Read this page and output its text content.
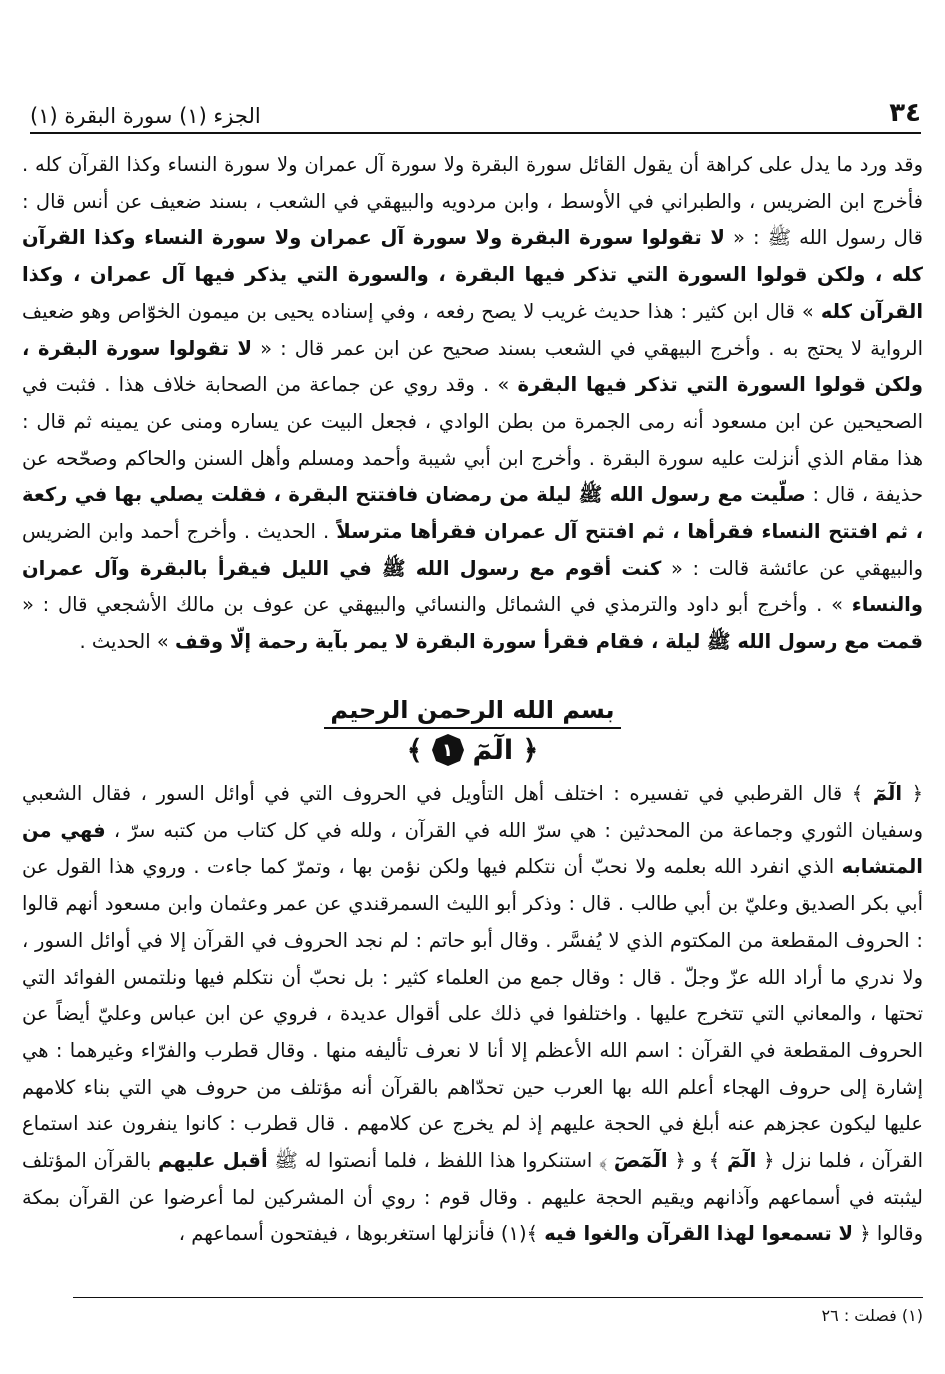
٣٤
الجزء (١) سورة البقرة (١)

وقد ورد ما يدل على كراهة أن يقول القائل سورة البقرة ولا سورة آل عمران ولا سورة النساء وكذا القرآن كله . فأخرج ابن الضريس ، والطبراني في الأوسط ، وابن مردويه والبيهقي في الشعب ، بسند ضعيف عن أنس قال : قال رسول الله ﷺ : « لا تقولوا سورة البقرة ولا سورة آل عمران ولا سورة النساء وكذا القرآن كله ، ولكن قولوا السورة التي تذكر فيها البقرة ، والسورة التي يذكر فيها آل عمران ، وكذا القرآن كله » قال ابن كثير : هذا حديث غريب لا يصح رفعه ، وفي إسناده يحيى بن ميمون الخوّاص وهو ضعيف الرواية لا يحتج به . وأخرج البيهقي في الشعب بسند صحيح عن ابن عمر قال : « لا تقولوا سورة البقرة ، ولكن قولوا السورة التي تذكر فيها البقرة » . وقد روي عن جماعة من الصحابة خلاف هذا . فثبت في الصحيحين عن ابن مسعود أنه رمى الجمرة من بطن الوادي ، فجعل البيت عن يساره ومنى عن يمينه ثم قال : هذا مقام الذي أنزلت عليه سورة البقرة . وأخرج ابن أبي شيبة وأحمد ومسلم وأهل السنن والحاكم وصحّحه عن حذيفة ، قال : صلّيت مع رسول الله ﷺ ليلة من رمضان فافتتح البقرة ، فقلت يصلي بها في ركعة ، ثم افتتح النساء فقرأها ، ثم افتتح آل عمران فقرأها مترسلاً . الحديث . وأخرج أحمد وابن الضريس والبيهقي عن عائشة قالت : « كنت أقوم مع رسول الله ﷺ في الليل فيقرأ بالبقرة وآل عمران والنساء » . وأخرج أبو داود والترمذي في الشمائل والنسائي والبيهقي عن عوف بن مالك الأشجعي قال : « قمت مع رسول الله ﷺ ليلة ، فقام فقرأ سورة البقرة لا يمر بآية رحمة إلّا وقف » الحديث .

بسم الله الرحمن الرحيم
﴿ الٓمٓ
١
﴾

﴿ الٓمٓ ﴾ قال القرطبي في تفسيره : اختلف أهل التأويل في الحروف التي في أوائل السور ، فقال الشعبي وسفيان الثوري وجماعة من المحدثين : هي سرّ الله في القرآن ، ولله في كل كتاب من كتبه سرّ ، فهي من المتشابه الذي انفرد الله بعلمه ولا نحبّ أن نتكلم فيها ولكن نؤمن بها ، وتمرّ كما جاءت . وروي هذا القول عن أبي بكر الصديق وعليّ بن أبي طالب . قال : وذكر أبو الليث السمرقندي عن عمر وعثمان وابن مسعود أنهم قالوا : الحروف المقطعة من المكتوم الذي لا يُفسَّر . وقال أبو حاتم : لم نجد الحروف في القرآن إلا في أوائل السور ، ولا ندري ما أراد الله عزّ وجلّ . قال : وقال جمع من العلماء كثير : بل نحبّ أن نتكلم فيها ونلتمس الفوائد التي تحتها ، والمعاني التي تتخرج عليها . واختلفوا في ذلك على أقوال عديدة ، فروي عن ابن عباس وعليّ أيضاً عن الحروف المقطعة في القرآن : اسم الله الأعظم إلا أنا لا نعرف تأليفه منها . وقال قطرب والفرّاء وغيرهما : هي إشارة إلى حروف الهجاء أعلم الله بها العرب حين تحدّاهم بالقرآن أنه مؤتلف من حروف هي التي بناء كلامهم عليها ليكون عجزهم عنه أبلغ في الحجة عليهم إذ لم يخرج عن كلامهم . قال قطرب : كانوا ينفرون عند استماع القرآن ، فلما نزل ﴿ الٓمٓ ﴾ و ﴿ الٓمٓصٓ ﴾ استنكروا هذا اللفظ ، فلما أنصتوا له ﷺ أقبل عليهم بالقرآن المؤتلف ليثبته في أسماعهم وآذانهم ويقيم الحجة عليهم . وقال قوم : روي أن المشركين لما أعرضوا عن القرآن بمكة وقالوا ﴿ لا تسمعوا لهذا القرآن والغوا فيه ﴾(١) فأنزلها استغربوها ، فيفتحون أسماعهم ،

(١) فصلت : ٢٦
